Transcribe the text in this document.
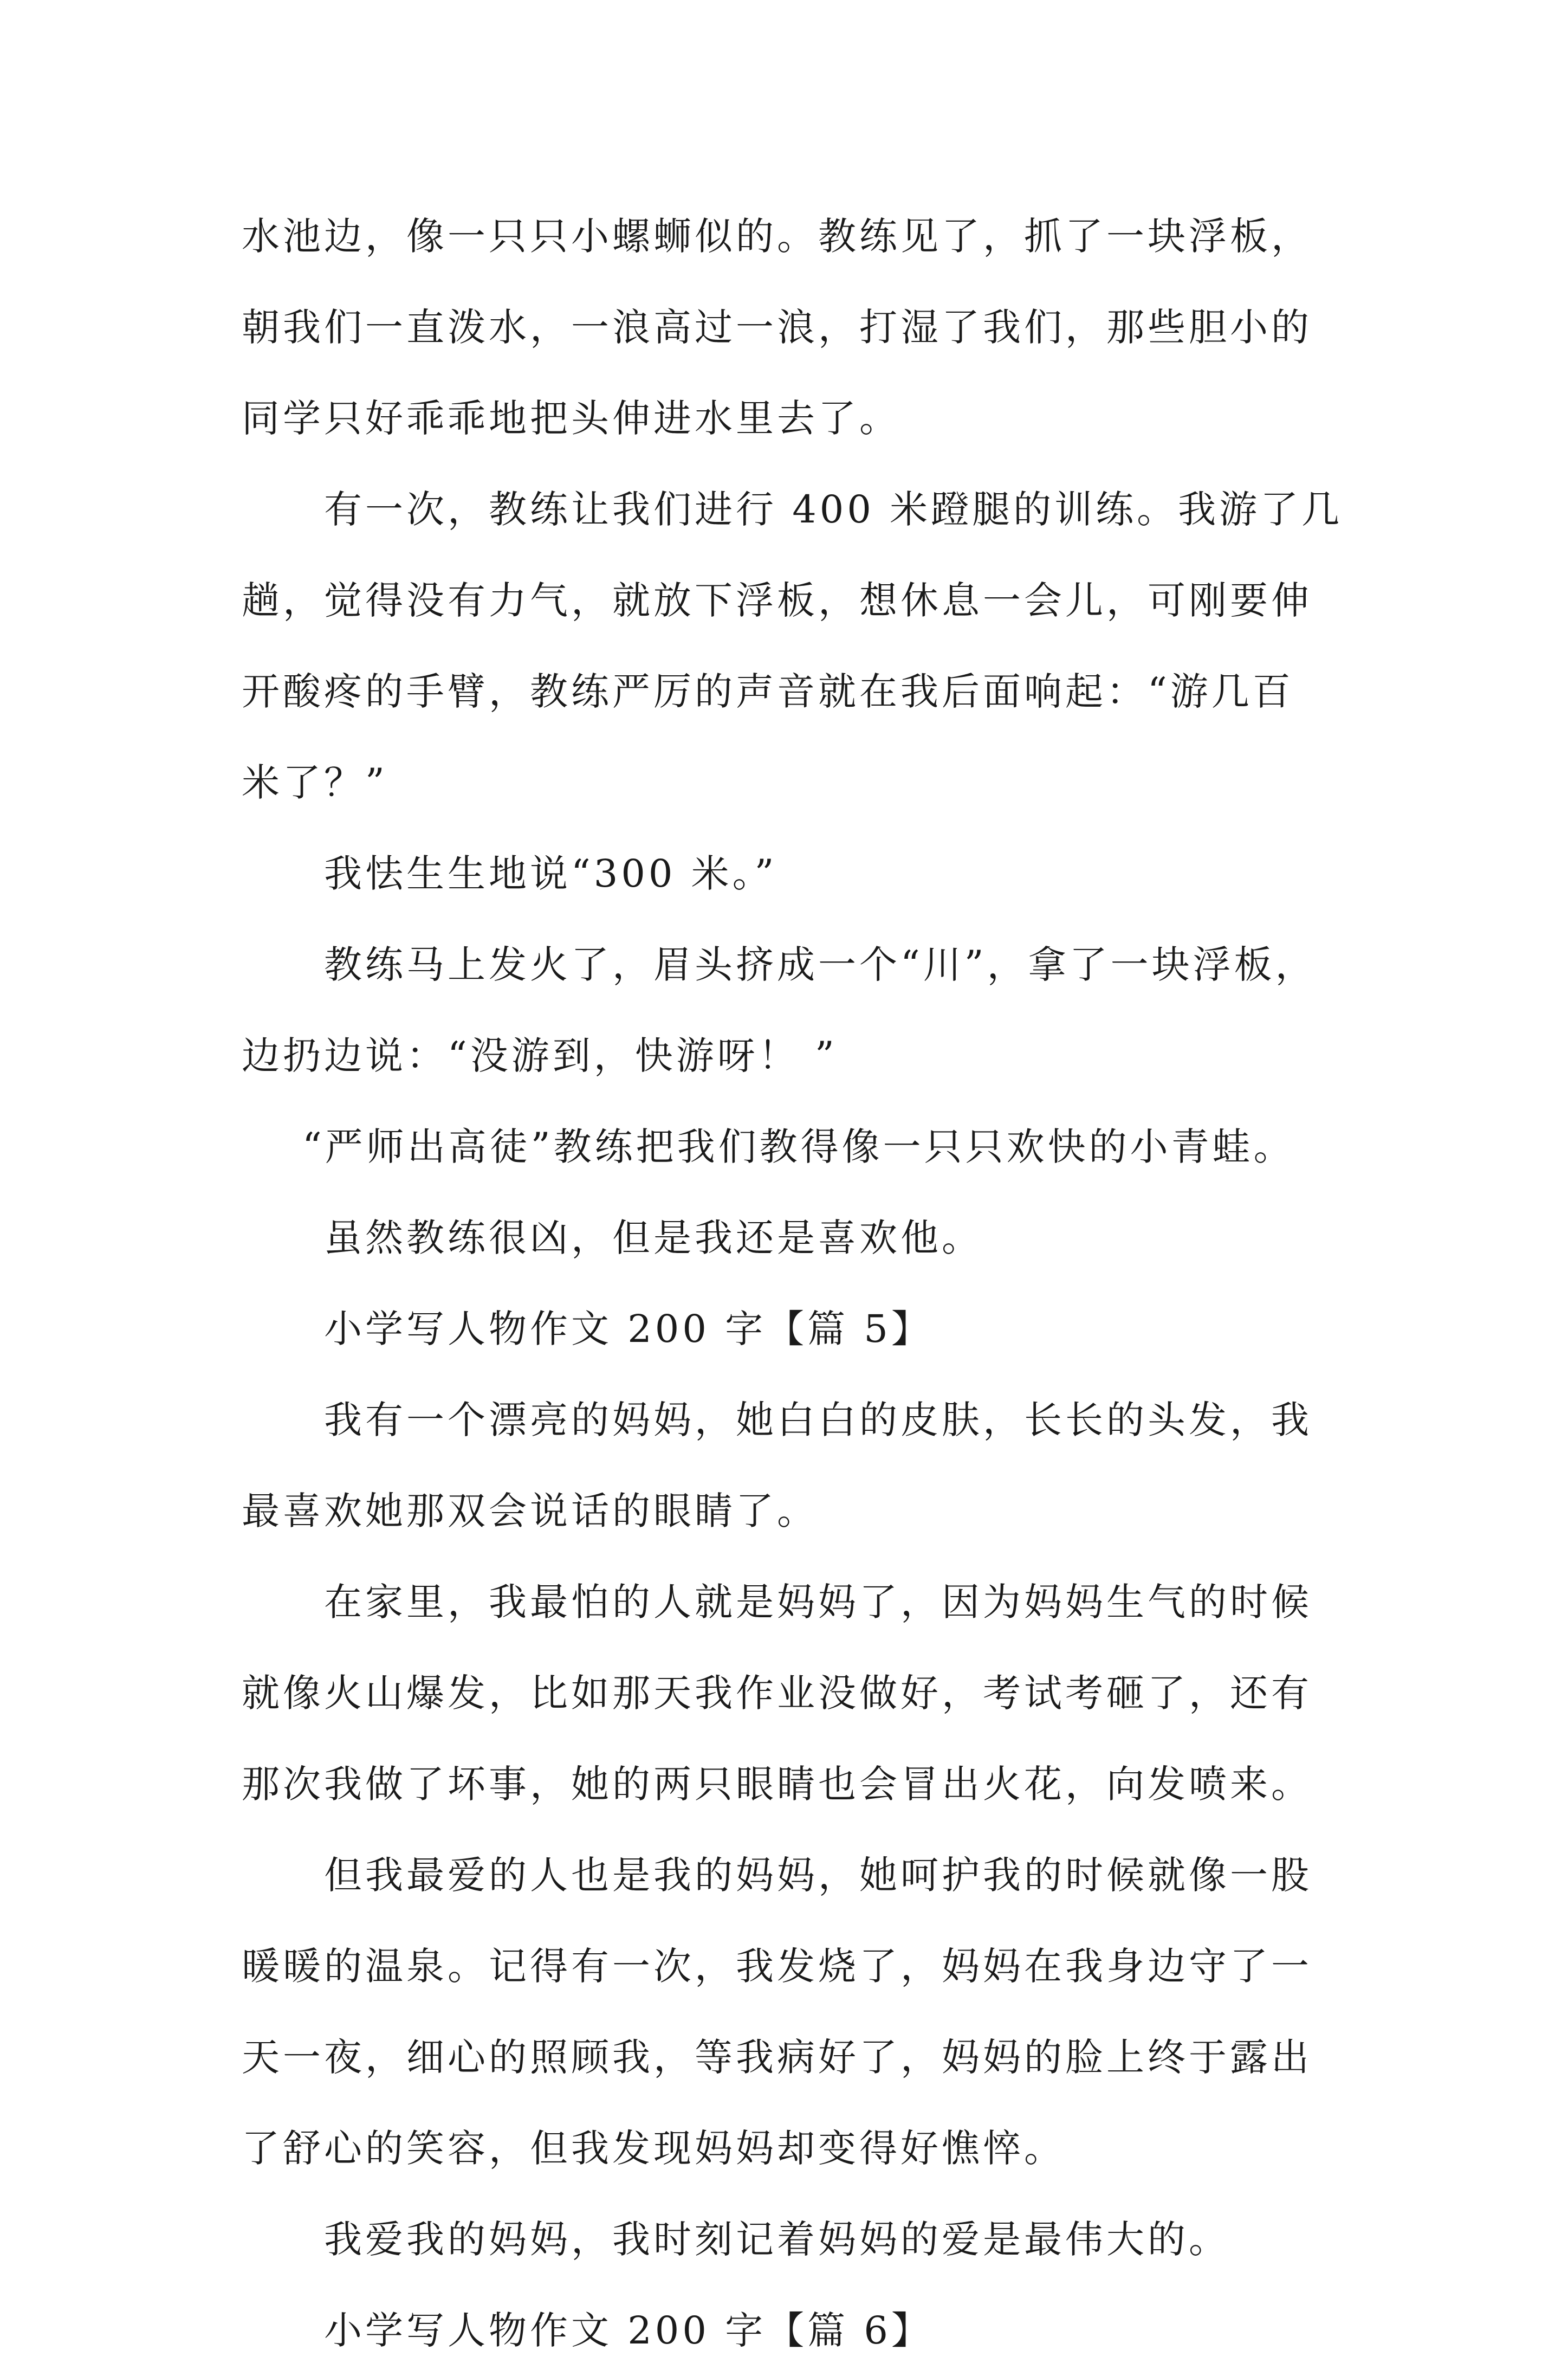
水池边，像一只只小螺蛳似的。教练见了，抓了一块浮板，
朝我们一直泼水，一浪高过一浪，打湿了我们，那些胆小的
同学只好乖乖地把头伸进水里去了。
有一次，教练让我们进行 400 米蹬腿的训练。我游了几
趟，觉得没有力气，就放下浮板，想休息一会儿，可刚要伸
开酸疼的手臂，教练严厉的声音就在我后面响起：“游几百
米了？”
我怯生生地说“300 米。”
教练马上发火了，眉头挤成一个“川”，拿了一块浮板，
边扔边说：“没游到，快游呀！ ”
“严师出高徒”教练把我们教得像一只只欢快的小青蛙。
虽然教练很凶，但是我还是喜欢他。
小学写人物作文 200 字【篇 5】
我有一个漂亮的妈妈，她白白的皮肤，长长的头发，我
最喜欢她那双会说话的眼睛了。
在家里，我最怕的人就是妈妈了，因为妈妈生气的时候
就像火山爆发，比如那天我作业没做好，考试考砸了，还有
那次我做了坏事，她的两只眼睛也会冒出火花，向发喷来。
但我最爱的人也是我的妈妈，她呵护我的时候就像一股
暖暖的温泉。记得有一次，我发烧了，妈妈在我身边守了一
天一夜，细心的照顾我，等我病好了，妈妈的脸上终于露出
了舒心的笑容，但我发现妈妈却变得好憔悴。
我爱我的妈妈，我时刻记着妈妈的爱是最伟大的。
小学写人物作文 200 字【篇 6】
